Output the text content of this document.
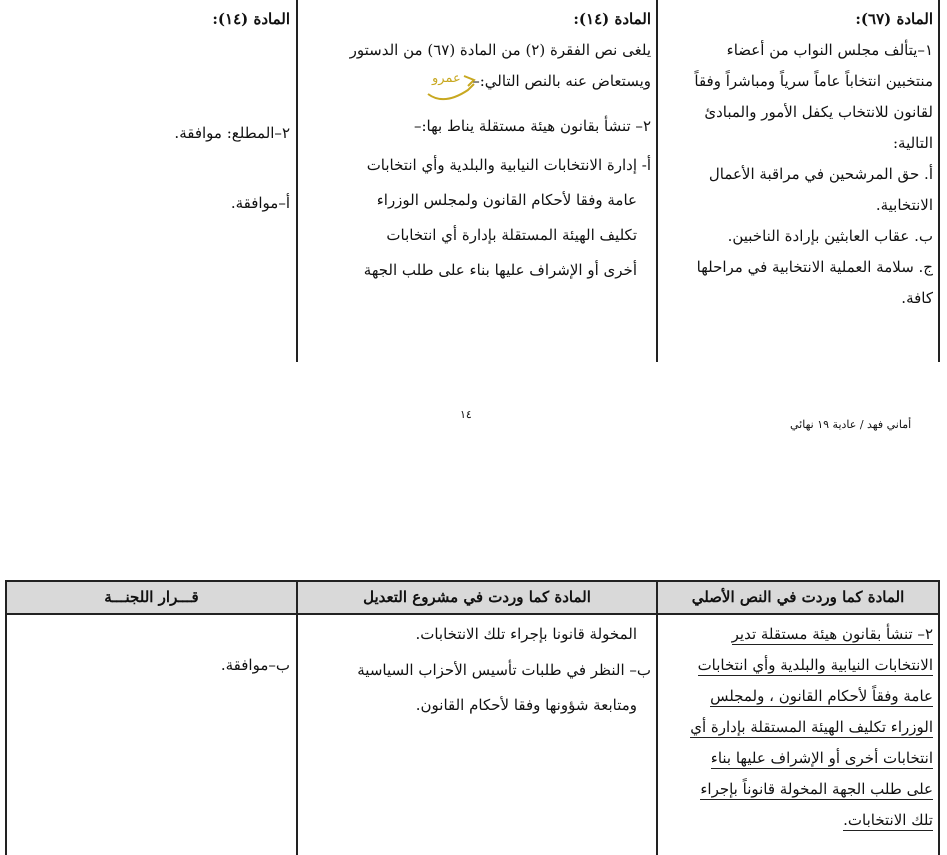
المادة (٦٧):
١–يتألف مجلس النواب من أعضاء
منتخبين انتخاباً عاماً سرياً ومباشراً وفقاً
لقانون للانتخاب يكفل الأمور والمبادئ
التالية:
أ. حق المرشحين في مراقبة الأعمال
الانتخابية.
ب. عقاب العابثين بإرادة الناخبين.
ج. سلامة العملية الانتخابية في مراحلها
كافة.
المادة (١٤):
يلغى نص الفقرة (٢) من المادة (٦٧) من الدستور
ويستعاض عنه بالنص التالي:–
٢– تنشأ بقانون هيئة مستقلة يناط بها:–
أ- إدارة الانتخابات النيابية والبلدية وأي انتخابات
عامة وفقا لأحكام القانون ولمجلس الوزراء
تكليف الهيئة المستقلة بإدارة أي انتخابات
أخرى أو الإشراف عليها بناء على طلب الجهة
عمرو
المادة (١٤):
٢–المطلع: موافقة.
أ–موافقة.
١٤
أماني فهد / عادية ١٩ نهائي
المادة كما وردت في النص الأصلي
المادة كما وردت في مشروع التعديل
قـــرار اللجنـــة
٢– تنشأ بقانون هيئة مستقلة تدير
الانتخابات النيابية والبلدية وأي انتخابات
عامة وفقاً لأحكام القانون ، ولمجلس
الوزراء تكليف الهيئة المستقلة بإدارة أي
انتخابات أخرى أو الإشراف عليها بناء
على طلب الجهة المخولة قانوناً بإجراء
تلك الانتخابات.
المخولة قانونا بإجراء تلك الانتخابات.
ب– النظر في طلبات تأسيس الأحزاب السياسية
ومتابعة شؤونها وفقا لأحكام القانون.
ب–موافقة.
